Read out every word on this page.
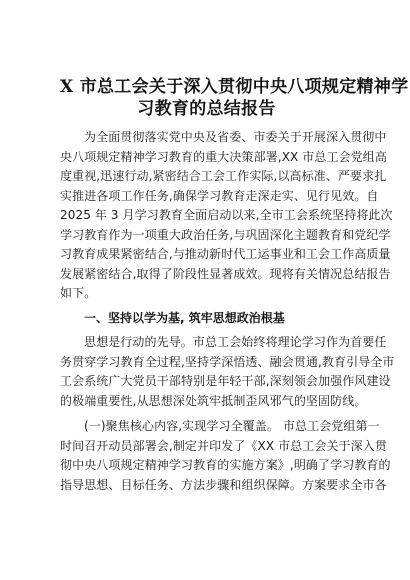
X 市总工会关于深入贯彻中央八项规定精神学
习教育的总结报告
为全面贯彻落实党中央及省委、市委关于开展深入贯彻中
央八项规定精神学习教育的重大决策部署,XX 市总工会党组高
度重视,迅速行动,紧密结合工会工作实际,以高标准、严要求扎
实推进各项工作任务,确保学习教育走深走实、见行见效。自
2025 年 3 月学习教育全面启动以来,全市工会系统坚持将此次
学习教育作为一项重大政治任务,与巩固深化主题教育和党纪学
习教育成果紧密结合,与推动新时代工运事业和工会工作高质量
发展紧密结合,取得了阶段性显著成效。现将有关情况总结报告
如下。
一、坚持以学为基, 筑牢思想政治根基
思想是行动的先导。市总工会始终将理论学习作为首要任
务贯穿学习教育全过程,坚持学深悟透、融会贯通,教育引导全市
工会系统广大党员干部特别是年轻干部,深刻领会加强作风建设
的极端重要性,从思想深处筑牢抵制歪风邪气的坚固防线。
(一)聚焦核心内容,实现学习全覆盖。 市总工会党组第一
时间召开动员部署会,制定并印发了《XX 市总工会关于深入贯
彻中央八项规定精神学习教育的实施方案》,明确了学习教育的
指导思想、目标任务、方法步骤和组织保障。方案要求全市各
